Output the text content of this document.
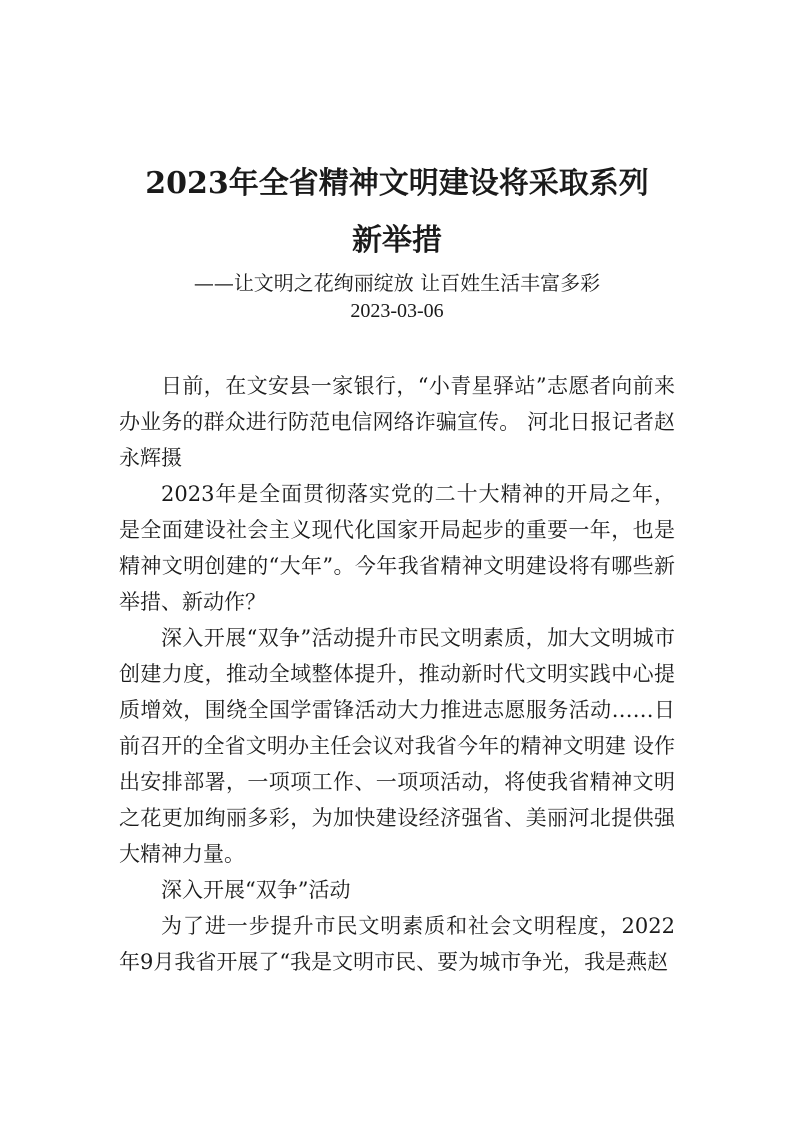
2023年全省精神文明建设将采取系列
新举措

——让文明之花绚丽绽放 让百姓生活丰富多彩

2023-03-06

日前，在文安县一家银行，“小青星驿站”志愿者向前来办业务的群众进行防范电信网络诈骗宣传。 河北日报记者赵永辉摄

2023年是全面贯彻落实党的二十大精神的开局之年，是全面建设社会主义现代化国家开局起步的重要一年，也是精神文明创建的“大年”。今年我省精神文明建设将有哪些新举措、新动作？

深入开展“双争”活动提升市民文明素质，加大文明城市创建力度，推动全域整体提升，推动新时代文明实践中心提质增效，围绕全国学雷锋活动大力推进志愿服务活动……日前召开的全省文明办主任会议对我省今年的精神文明建 设作出安排部署，一项项工作、一项项活动，将使我省精神文明之花更加绚丽多彩，为加快建设经济强省、美丽河北提供强大精神力量。

深入开展“双争”活动

为了进一步提升市民文明素质和社会文明程度，2022年9月我省开展了“我是文明市民、要为城市争光，我是燕赵
